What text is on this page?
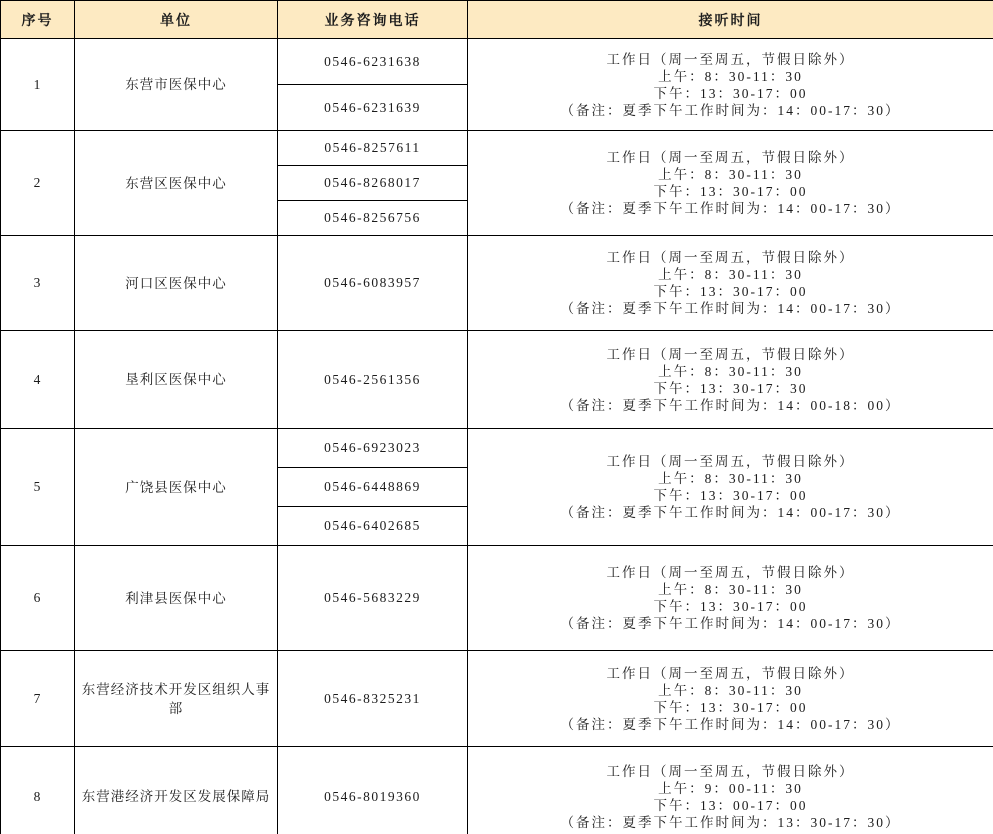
序号	单位	业务咨询电话	接听时间
1	东营市医保中心	0546-6231638	工作日（周一至周五，节假日除外）
上午：8：30-11：30
下午：13：30-17：00
（备注：夏季下午工作时间为：14：00-17：30）

		0546-6231639	
2	东营区医保中心	0546-8257611	工作日（周一至周五，节假日除外）
上午：8：30-11：30
下午：13：30-17：00
（备注：夏季下午工作时间为：14：00-17：30）

		0546-8268017	
		0546-8256756	
3	河口区医保中心	0546-6083957	工作日（周一至周五，节假日除外）
上午：8：30-11：30
下午：13：30-17：00
（备注：夏季下午工作时间为：14：00-17：30）

4	垦利区医保中心	0546-2561356	工作日（周一至周五，节假日除外）
上午：8：30-11：30
下午：13：30-17：30
（备注：夏季下午工作时间为：14：00-18：00）

5	广饶县医保中心	0546-6923023	工作日（周一至周五，节假日除外）
上午：8：30-11：30
下午：13：30-17：00
（备注：夏季下午工作时间为：14：00-17：30）

		0546-6448869	
		0546-6402685	
6	利津县医保中心	0546-5683229	工作日（周一至周五，节假日除外）
上午：8：30-11：30
下午：13：30-17：00
（备注：夏季下午工作时间为：14：00-17：30）

7	东营经济技术开发区组织人事部	0546-8325231	工作日（周一至周五，节假日除外）
上午：8：30-11：30
下午：13：30-17：00
（备注：夏季下午工作时间为：14：00-17：30）

8	东营港经济开发区发展保障局	0546-8019360	工作日（周一至周五，节假日除外）
上午：9：00-11：30
下午：13：00-17：00
（备注：夏季下午工作时间为：13：30-17：30）
